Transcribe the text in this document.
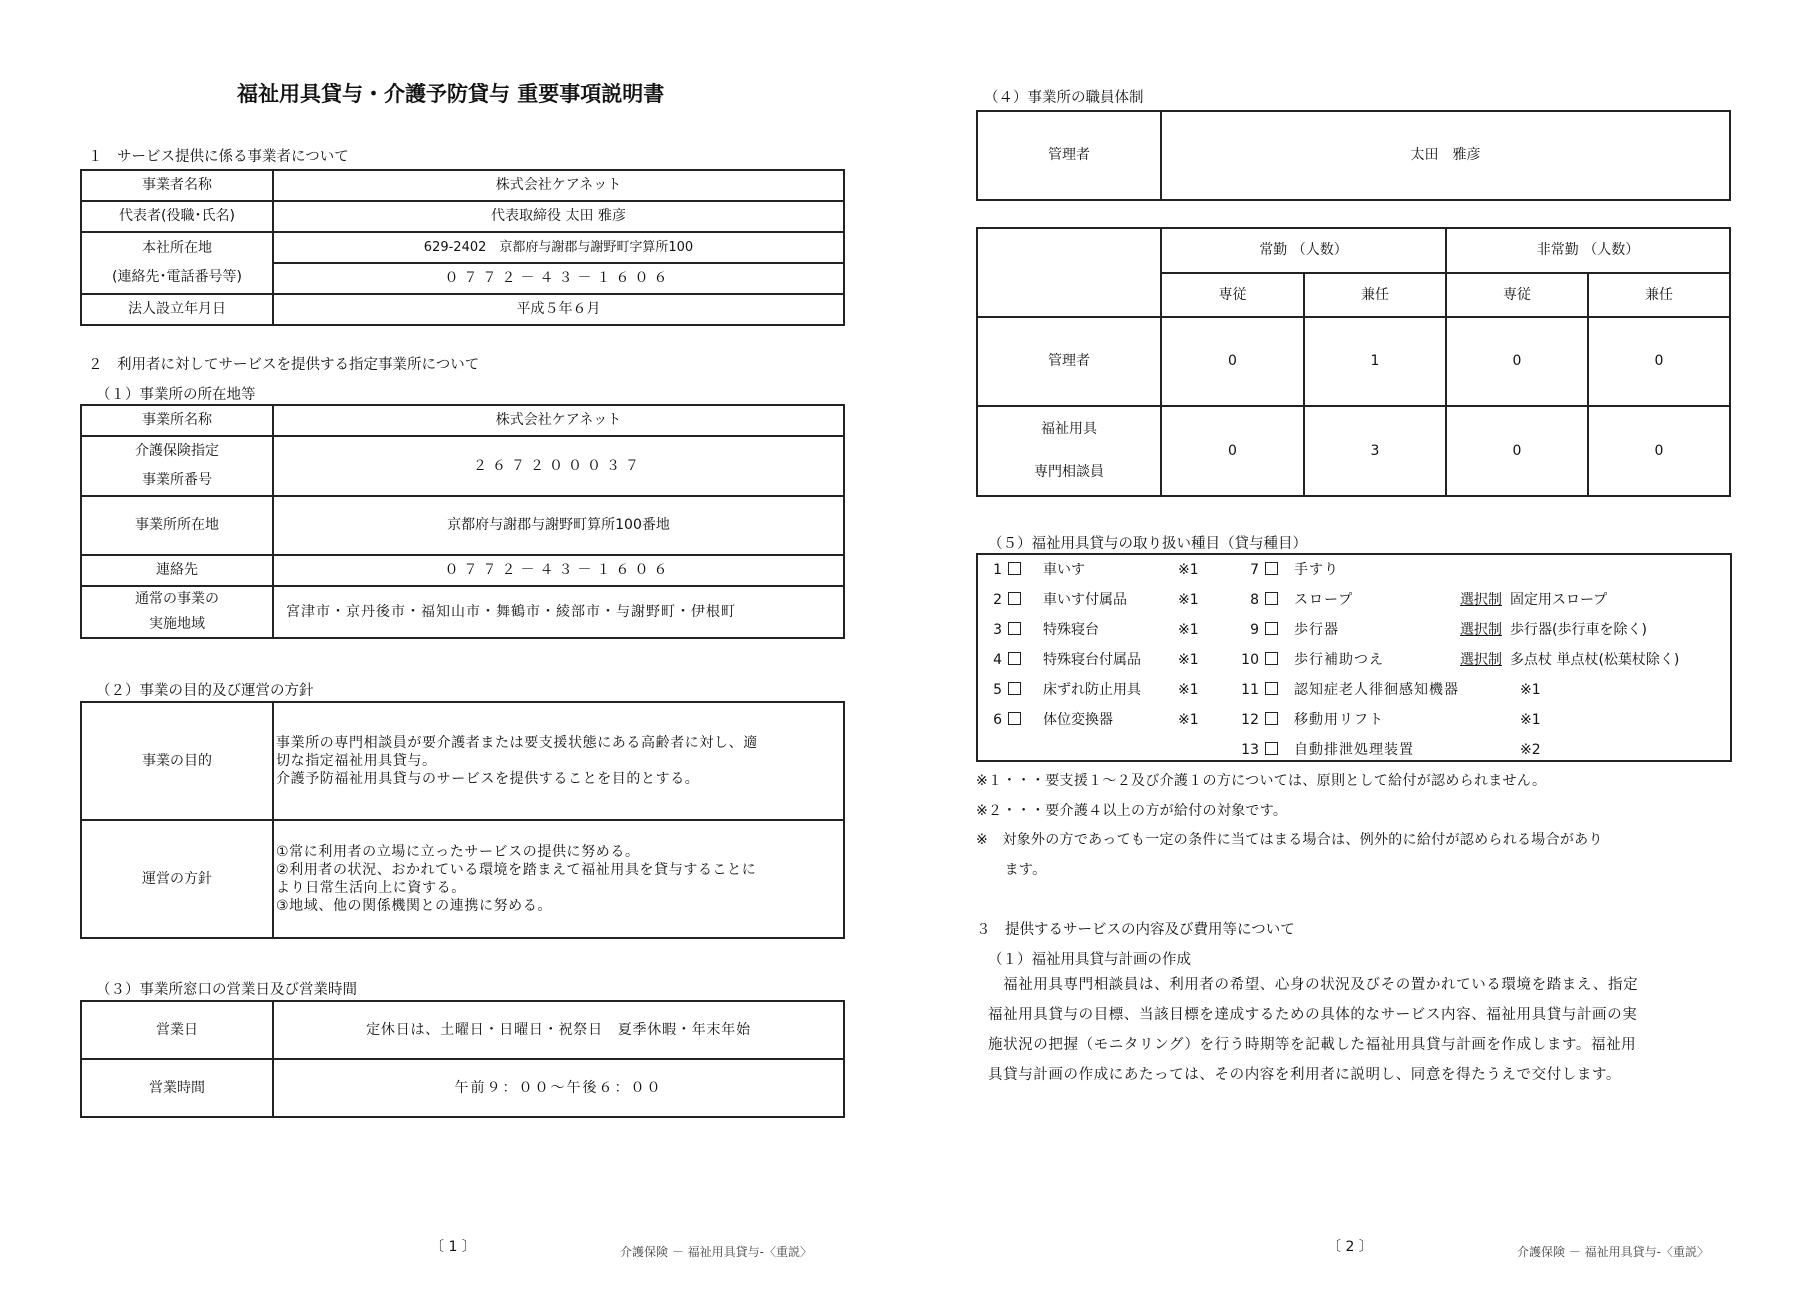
福祉用具貸与・介護予防貸与 重要事項説明書
１　サービス提供に係る事業者について
事業者名称	株式会社ケアネット
代表者(役職･氏名)	代表取締役 太田 雅彦

本社所在地
(連絡先･電話番号等)	629-2402　京都府与謝郡与謝野町字算所100
	０７７２－４３－１６０６
法人設立年月日	平成５年６月
２　利用者に対してサービスを提供する指定事業所について
（１）事業所の所在地等
事業所名称	株式会社ケアネット

介護保険指定
事業所番号	２６７２０００３７
事業所所在地	京都府与謝郡与謝野町算所100番地
連絡先	０７７２－４３－１６０６

通常の事業の
実施地域	宮津市・京丹後市・福知山市・舞鶴市・綾部市・与謝野町・伊根町
（２）事業の目的及び運営の方針
事業の目的	事業所の専門相談員が要介護者または要支援状態にある高齢者に対し、適
切な指定福祉用具貸与。
介護予防福祉用具貸与のサービスを提供することを目的とする。

運営の方針	①常に利用者の立場に立ったサービスの提供に努める。
②利用者の状況、おかれている環境を踏まえて福祉用具を貸与することに
より日常生活向上に資する。
③地域、他の関係機関との連携に努める。
（３）事業所窓口の営業日及び営業時間
営業日	定休日は、土曜日・日曜日・祝祭日　夏季休暇・年末年始
営業時間	午前９：００～午後６：００
〔 1 〕	介護保険 － 福祉用具貸与-〈重説〉
（４）事業所の職員体制
管理者	太田　雅彦
	常勤 （人数）		非常勤 （人数）	
	専従	兼任	専従	兼任
管理者	0	1	0	0

福祉用具
専門相談員	0	3	0	0
（５）福祉用具貸与の取り扱い種目（貸与種目）
1	車いす	※1
2	車いす付属品	※1
3	特殊寝台	※1
4	特殊寝台付属品	※1
5	床ずれ防止用具	※1
6	体位変換器	※1
7	手すり
8	スロープ	選択制 固定用スロープ
9	歩行器	選択制 歩行器(歩行車を除く)
10	歩行補助つえ	選択制 多点杖 単点杖(松葉杖除く)
11	認知症老人徘徊感知機器	※1
12	移動用リフト	※1
13	自動排泄処理装置	※2
※１・・・要支援１～２及び介護１の方については、原則として給付が認められません。
※２・・・要介護４以上の方が給付の対象です。
※　対象外の方であっても一定の条件に当てはまる場合は、例外的に給付が認められる場合があり
　　ます。
３　提供するサービスの内容及び費用等について
（１）福祉用具貸与計画の作成
　福祉用具専門相談員は、利用者の希望、心身の状況及びその置かれている環境を踏まえ、指定
福祉用具貸与の目標、当該目標を達成するための具体的なサービス内容、福祉用具貸与計画の実
施状況の把握（モニタリング）を行う時期等を記載した福祉用具貸与計画を作成します。福祉用
具貸与計画の作成にあたっては、その内容を利用者に説明し、同意を得たうえで交付します。
〔 2 〕	介護保険 － 福祉用具貸与-〈重説〉
